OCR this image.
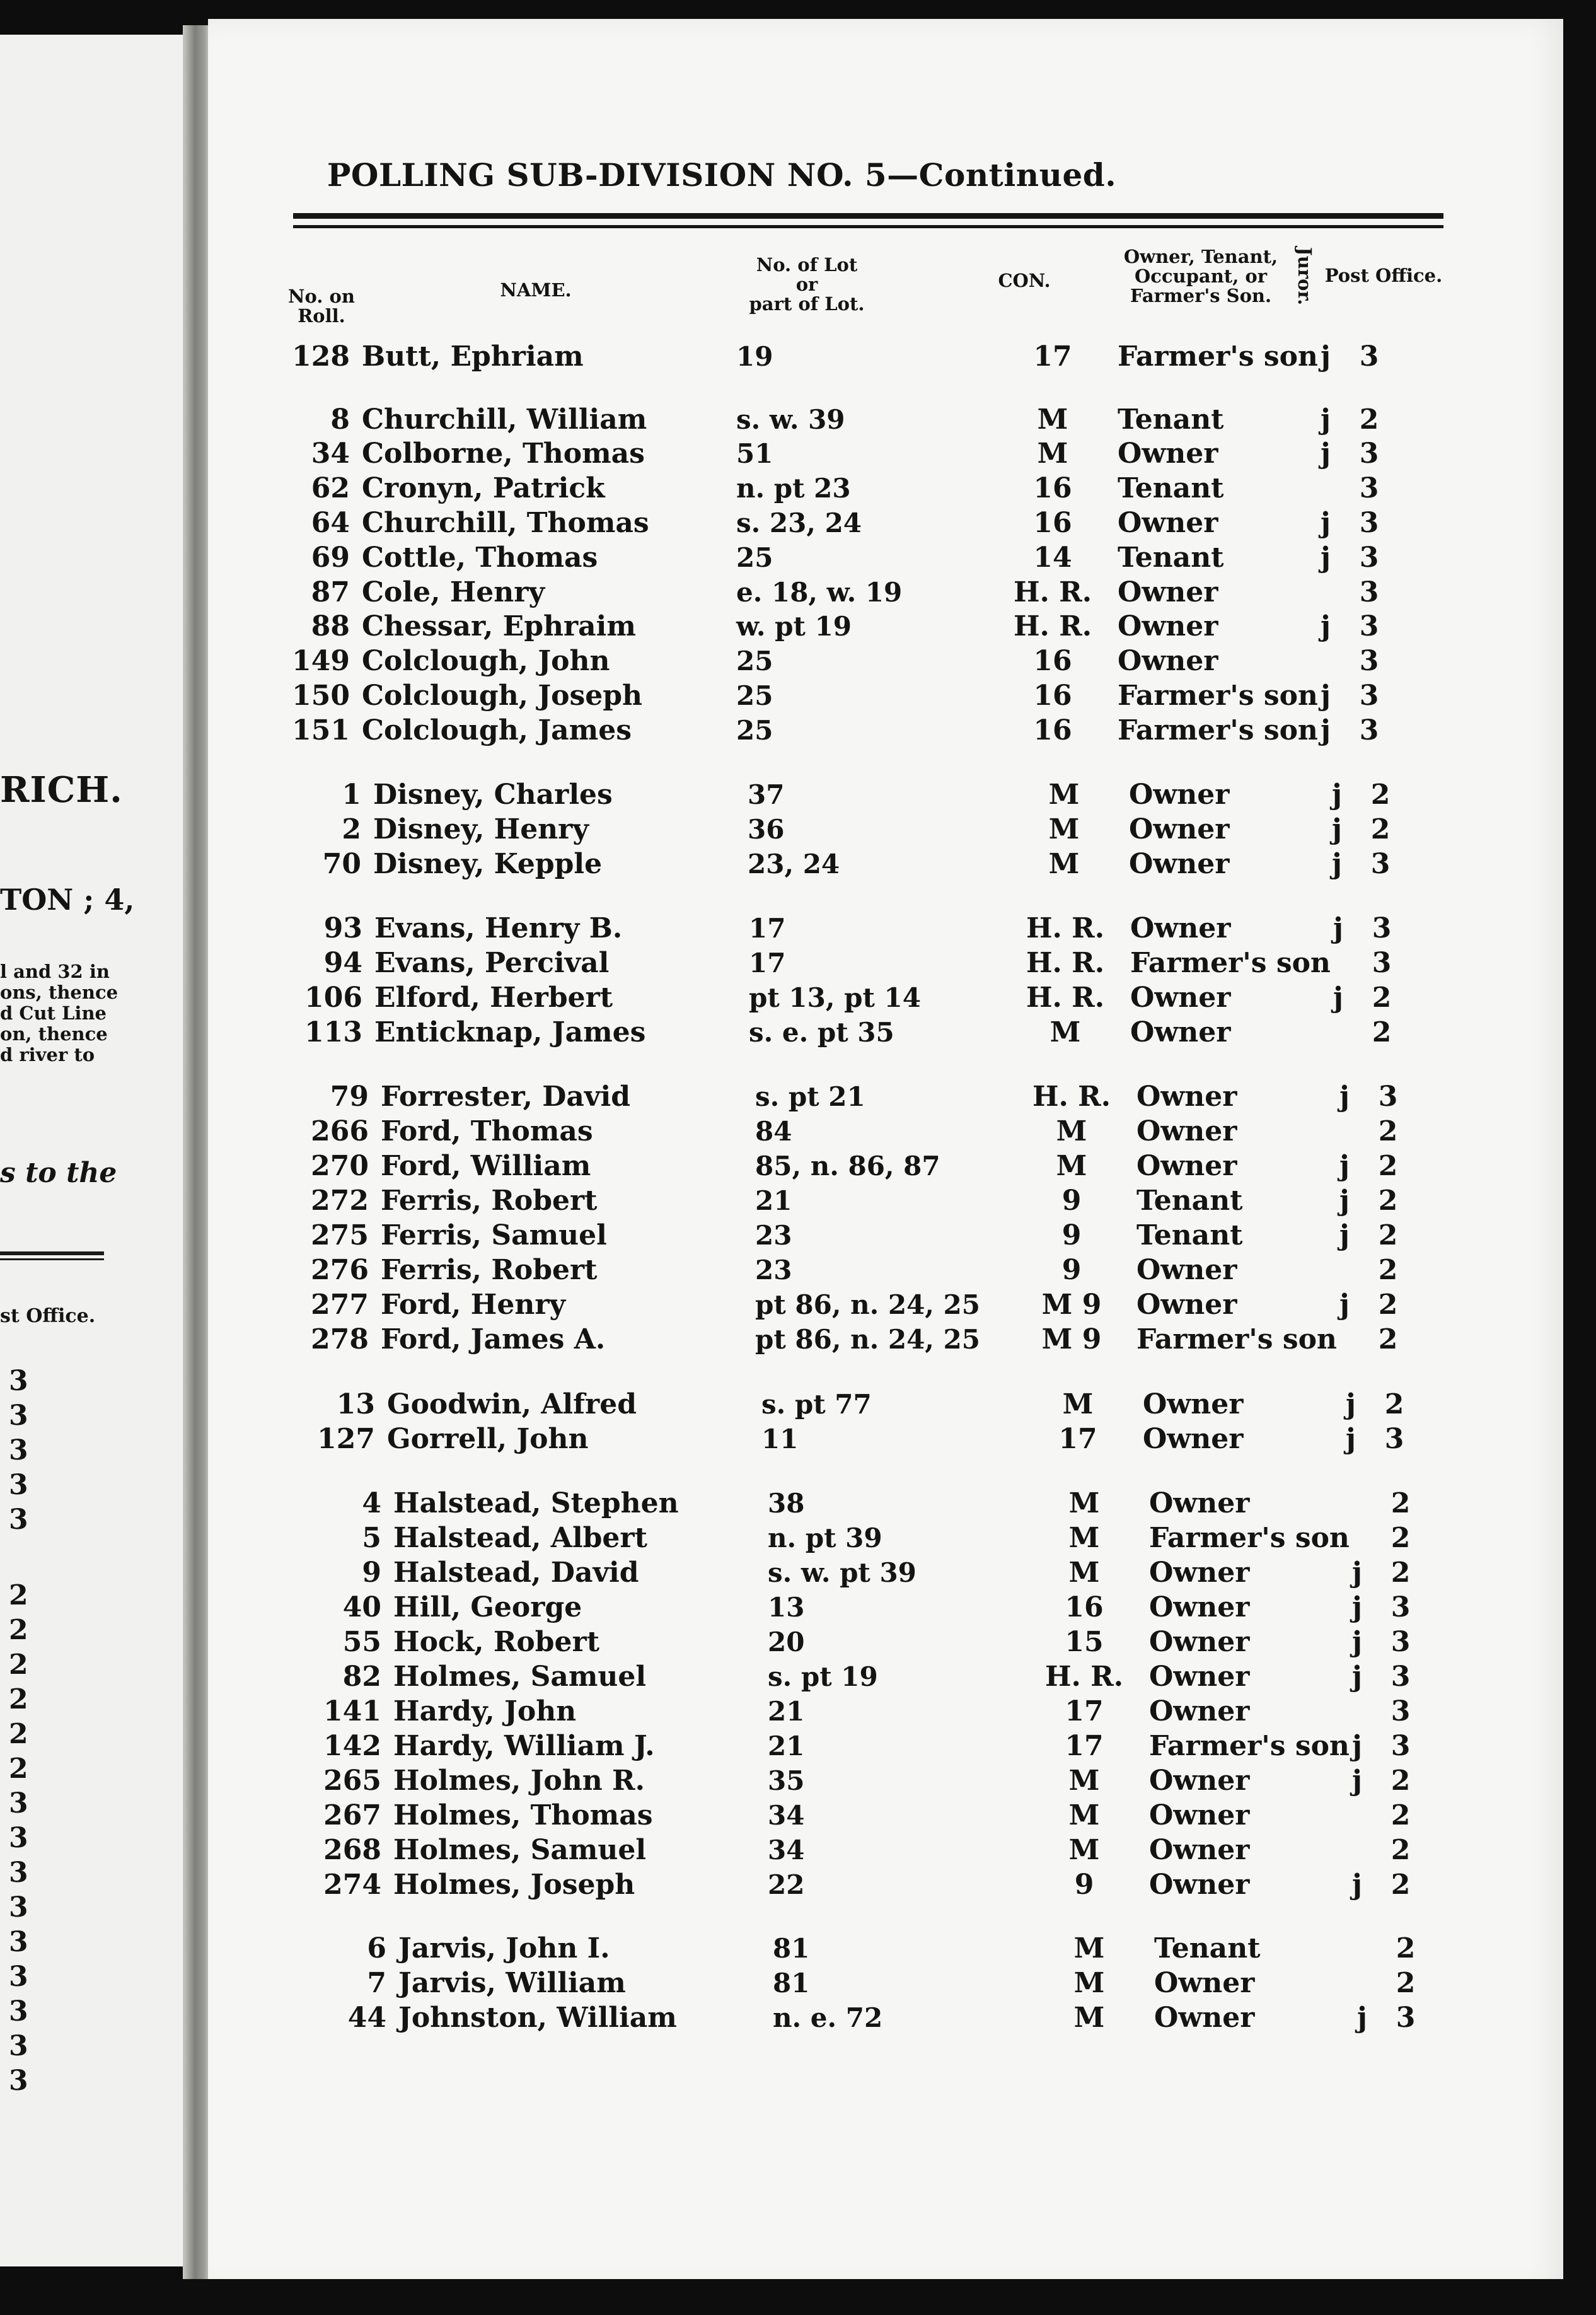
RICH.
TON ; 4,
l and 32 in
ons, thence
d Cut Line
on, thence
d river to
s to the
st Office.
3
3
3
3
3
2
2
2
2
2
2
3
3
3
3
3
3
3
3
3
POLLING SUB-DIVISION NO. 5—Continued.
No. on
Roll.
NAME.
No. of Lot
or
part of Lot.
CON.
Owner, Tenant,
Occupant, or
Farmer's Son.	Juror. Post Office.
128 Butt, Ephriam	19	17	Farmer's son j 3
8 Churchill, William	s. w. 39	M	Tenant	j 2
34 Colborne, Thomas	51	M	Owner	j 3
62 Cronyn, Patrick	n. pt 23	16	Tenant	3
64 Churchill, Thomas	s. 23, 24	16	Owner	j 3
69 Cottle, Thomas	25	14	Tenant	j 3
87 Cole, Henry	e. 18, w. 19	H. R. Owner	3
88 Chessar, Ephraim	w. pt 19	H. R. Owner	j 3
149 Colclough, John	25	16	Owner	3
150 Colclough, Joseph	25	16	Farmer's son j 3
151 Colclough, James	25	16	Farmer's son j 3
1 Disney, Charles	37	M	Owner	j 2
2 Disney, Henry	36	M	Owner	j 2
70 Disney, Kepple	23, 24	M	Owner	j 3
93 Evans, Henry B.	17	H. R. Owner	j 3
94 Evans, Percival	17	H. R. Farmer's son 3
106 Elford, Herbert	pt 13, pt 14	H. R. Owner	j 2
113 Enticknap, James	s. e. pt 35	M	Owner	2
79 Forrester, David	s. pt 21	H. R. Owner	j 3
266 Ford, Thomas	84	M	Owner	2
270 Ford, William	85, n. 86, 87	M	Owner	j 2
272 Ferris, Robert	21	9	Tenant	j 2
275 Ferris, Samuel	23	9	Tenant	j 2
276 Ferris, Robert	23	9	Owner	2
277 Ford, Henry	pt 86, n. 24, 25	M 9	Owner	j 2
278 Ford, James A.	pt 86, n. 24, 25	M 9	Farmer's son 2
13 Goodwin, Alfred	s. pt 77	M	Owner	j 2
127 Gorrell, John	11	17	Owner	j 3
4 Halstead, Stephen	38	M	Owner	2
5 Halstead, Albert	n. pt 39	M	Farmer's son 2
9 Halstead, David	s. w. pt 39	M	Owner	j 2
40 Hill, George	13	16	Owner	j 3
55 Hock, Robert	20	15	Owner	j 3
82 Holmes, Samuel	s. pt 19	H. R. Owner	j 3
141 Hardy, John	21	17	Owner	3
142 Hardy, William J.	21	17	Farmer's son j 3
265 Holmes, John R.	35	M	Owner	j 2
267 Holmes, Thomas	34	M	Owner	2
268 Holmes, Samuel	34	M	Owner	2
274 Holmes, Joseph	22	9	Owner	j 2
6 Jarvis, John I.	81	M	Tenant	2
7 Jarvis, William	81	M	Owner	2
44 Johnston, William	n. e. 72	M	Owner	j 3
